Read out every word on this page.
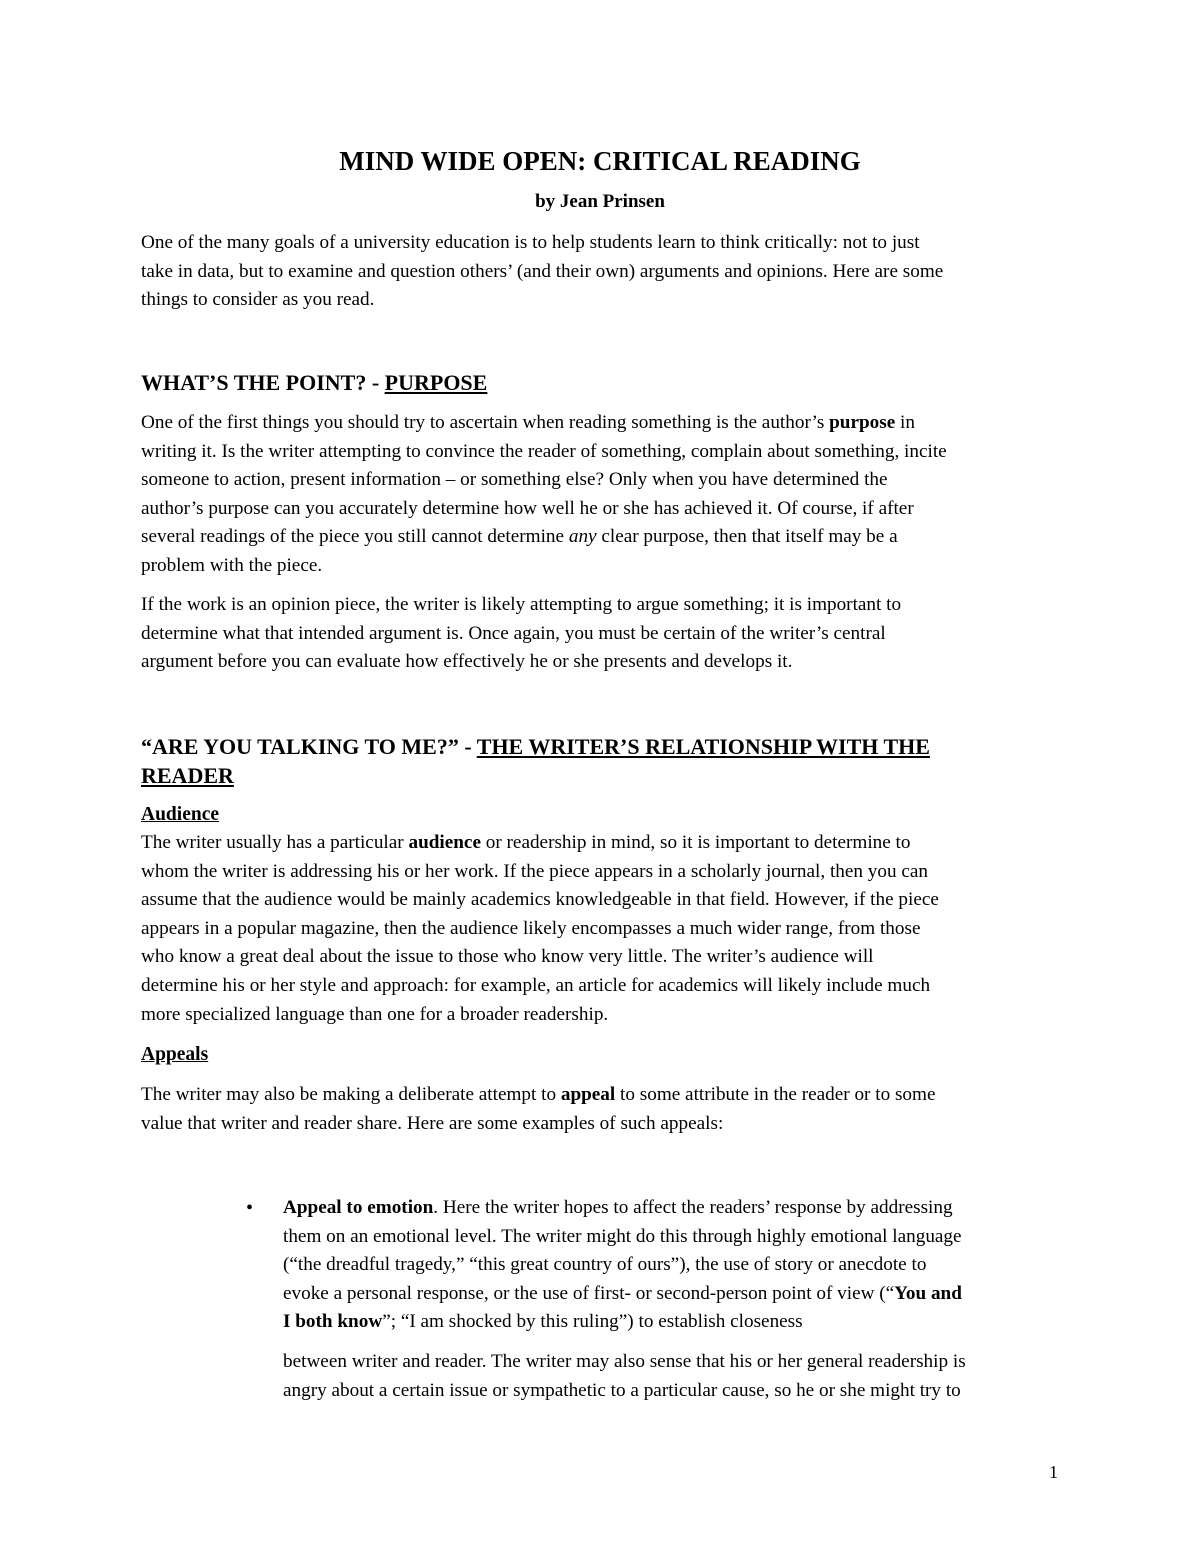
MIND WIDE OPEN: CRITICAL READING
by Jean Prinsen
One of the many goals of a university education is to help students learn to think critically: not to just
take in data, but to examine and question others’ (and their own) arguments and opinions. Here are some
things to consider as you read.
WHAT’S THE POINT? - PURPOSE
One of the first things you should try to ascertain when reading something is the author’s purpose in
writing it. Is the writer attempting to convince the reader of something, complain about something, incite
someone to action, present information – or something else? Only when you have determined the
author’s purpose can you accurately determine how well he or she has achieved it. Of course, if after
several readings of the piece you still cannot determine any clear purpose, then that itself may be a
problem with the piece.
If the work is an opinion piece, the writer is likely attempting to argue something; it is important to
determine what that intended argument is. Once again, you must be certain of the writer’s central
argument before you can evaluate how effectively he or she presents and develops it.
“ARE YOU TALKING TO ME?” - THE WRITER’S RELATIONSHIP WITH THE
READER
Audience
The writer usually has a particular audience or readership in mind, so it is important to determine to
whom the writer is addressing his or her work. If the piece appears in a scholarly journal, then you can
assume that the audience would be mainly academics knowledgeable in that field. However, if the piece
appears in a popular magazine, then the audience likely encompasses a much wider range, from those
who know a great deal about the issue to those who know very little. The writer’s audience will
determine his or her style and approach: for example, an article for academics will likely include much
more specialized language than one for a broader readership.
Appeals
The writer may also be making a deliberate attempt to appeal to some attribute in the reader or to some
value that writer and reader share. Here are some examples of such appeals:
• Appeal to emotion. Here the writer hopes to affect the readers’ response by addressing
them on an emotional level. The writer might do this through highly emotional language
(“the dreadful tragedy,” “this great country of ours”), the use of story or anecdote to
evoke a personal response, or the use of first- or second-person point of view (“You and
I both know”; “I am shocked by this ruling”) to establish closeness
between writer and reader. The writer may also sense that his or her general readership is
angry about a certain issue or sympathetic to a particular cause, so he or she might try to
1
